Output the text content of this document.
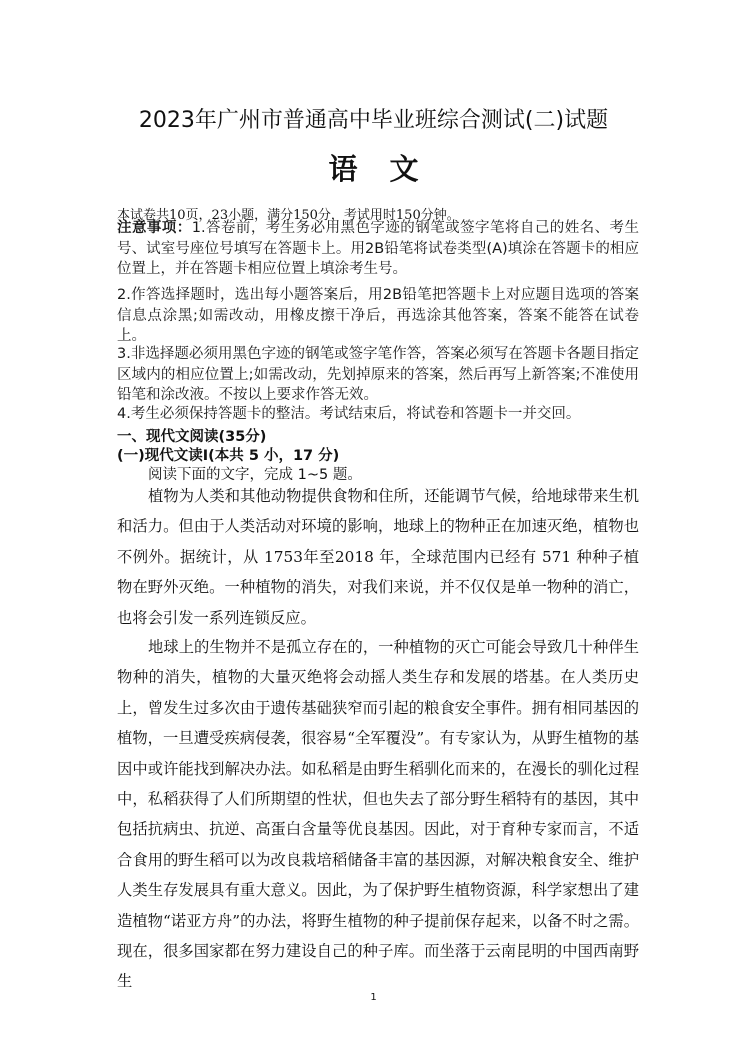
2023年广州市普通高中毕业班综合测试(二)试题
语文
本试卷共10页，23小题，满分150分，考试用时150分钟。
注意事项：1.答卷前，考生务必用黑色字迹的钢笔或签字笔将自己的姓名、考生号、试室号座位号填写在答题卡上。用2B铅笔将试卷类型(A)填涂在答题卡的相应位置上，并在答题卡相应位置上填涂考生号。
2.作答选择题时，选出每小题答案后，用2B铅笔把答题卡上对应题目选项的答案信息点涂黑;如需改动，用橡皮擦干净后，再选涂其他答案，答案不能答在试卷上。
3.非选择题必须用黑色字迹的钢笔或签字笔作答，答案必须写在答题卡各题目指定区域内的相应位置上;如需改动，先划掉原来的答案，然后再写上新答案;不准使用铅笔和涂改液。不按以上要求作答无效。
4.考生必须保持答题卡的整洁。考试结束后，将试卷和答题卡一并交回。
一、现代文阅读(35分)
(一)现代文读I(本共 5 小，17 分)
阅读下面的文字，完成 1~5 题。
植物为人类和其他动物提供食物和住所，还能调节气候，给地球带来生机和活力。但由于人类活动对环境的影响，地球上的物种正在加速灭绝，植物也不例外。据统计，从 1753年至2018 年，全球范围内已经有 571 种种子植物在野外灭绝。一种植物的消失，对我们来说，并不仅仅是单一物种的消亡，也将会引发一系列连锁反应。
地球上的生物并不是孤立存在的，一种植物的灭亡可能会导致几十种伴生物种的消失，植物的大量灭绝将会动摇人类生存和发展的塔基。在人类历史上，曾发生过多次由于遗传基础狭窄而引起的粮食安全事件。拥有相同基因的植物，一旦遭受疾病侵袭，很容易“全军覆没”。有专家认为，从野生植物的基因中或许能找到解决办法。如私稻是由野生稻驯化而来的，在漫长的驯化过程中，私稻获得了人们所期望的性状，但也失去了部分野生稻特有的基因，其中包括抗病虫、抗逆、高蛋白含量等优良基因。因此，对于育种专家而言，不适合食用的野生稻可以为改良栽培稻储备丰富的基因源，对解决粮食安全、维护人类生存发展具有重大意义。因此，为了保护野生植物资源，科学家想出了建造植物“诺亚方舟”的办法，将野生植物的种子提前保存起来，以备不时之需。现在，很多国家都在努力建设自己的种子库。而坐落于云南昆明的中国西南野生
1
